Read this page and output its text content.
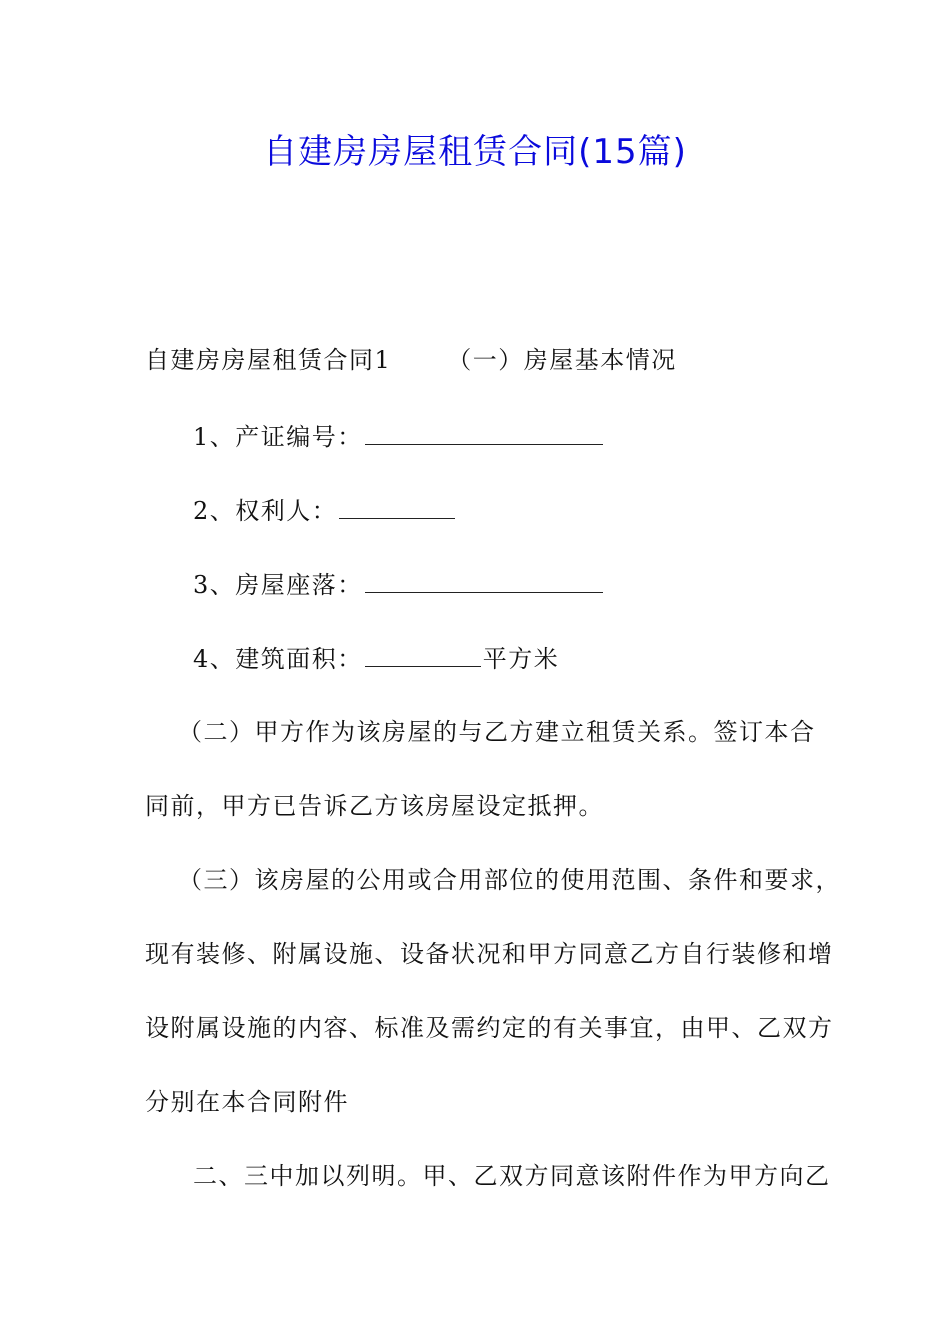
自建房房屋租赁合同(15篇)
自建房房屋租赁合同1 （一）房屋基本情况
1、产证编号：
2、权利人：
3、房屋座落：
4、建筑面积：	平方米
（二）甲方作为该房屋的与乙方建立租赁关系。签订本合
同前，甲方已告诉乙方该房屋设定抵押。
（三）该房屋的公用或合用部位的使用范围、条件和要求，
现有装修、附属设施、设备状况和甲方同意乙方自行装修和增
设附属设施的内容、标准及需约定的有关事宜，由甲、乙双方
分别在本合同附件
二、三中加以列明。甲、乙双方同意该附件作为甲方向乙
